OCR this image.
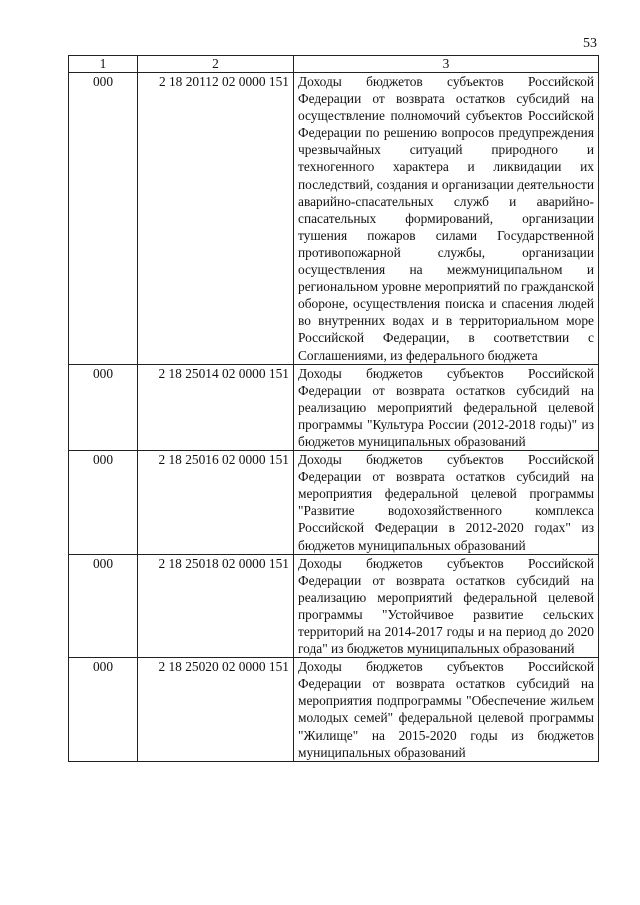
53
1	2	3
000	2 18 20112 02 0000 151	Доходы бюджетов субъектов Российской Федерации от возврата остатков субсидий на осуществление полномочий субъектов Российской Федерации по решению вопросов предупреждения чрезвычайных ситуаций природного и техногенного характера и ликвидации их последствий, создания и организации деятельности аварийно-спасательных служб и аварийно-спасательных формирований, организации тушения пожаров силами Государственной противопожарной службы, организации осуществления на межмуниципальном и региональном уровне мероприятий по гражданской обороне, осуществления поиска и спасения людей во внутренних водах и в территориальном море Российской Федерации, в соответствии с Соглашениями, из федерального бюджета
000	2 18 25014 02 0000 151	Доходы бюджетов субъектов Российской Федерации от возврата остатков субсидий на реализацию мероприятий федеральной целевой программы "Культура России (2012-2018 годы)" из бюджетов муниципальных образований
000	2 18 25016 02 0000 151	Доходы бюджетов субъектов Российской Федерации от возврата остатков субсидий на мероприятия федеральной целевой программы "Развитие водохозяйственного комплекса Российской Федерации в 2012-2020 годах" из бюджетов муниципальных образований
000	2 18 25018 02 0000 151	Доходы бюджетов субъектов Российской Федерации от возврата остатков субсидий на реализацию мероприятий федеральной целевой программы "Устойчивое развитие сельских территорий на 2014-2017 годы и на период до 2020 года" из бюджетов муниципальных образований
000	2 18 25020 02 0000 151	Доходы бюджетов субъектов Российской Федерации от возврата остатков субсидий на мероприятия подпрограммы "Обеспечение жильем молодых семей" федеральной целевой программы "Жилище" на 2015-2020 годы из бюджетов муниципальных образований
